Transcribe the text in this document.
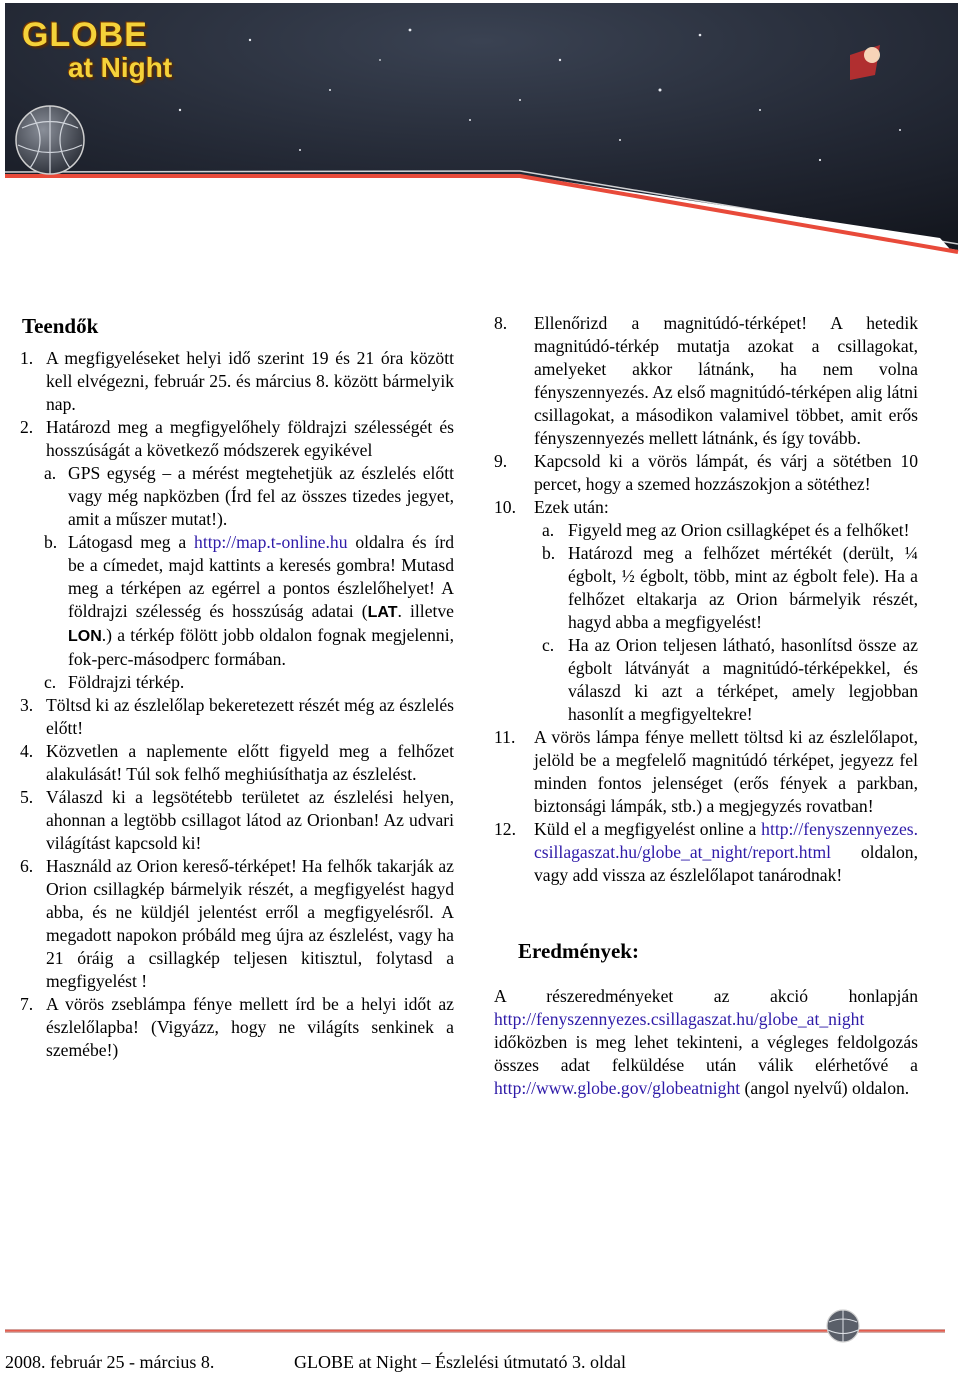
GLOBE
at Night
Teendők
1. A megfigyeléseket helyi idő szerint 19 és 21 óra között kell elvégezni, február 25. és március 8. között bármelyik nap.
2. Határozd meg a megfigyelőhely földrajzi szélességét és hosszúságát a következő módszerek egyikével
a. GPS egység – a mérést megtehetjük az észlelés előtt vagy még napközben (Írd fel az összes tizedes jegyet, amit a műszer mutat!).
b. Látogasd meg a http://map.t-online.hu oldalra és írd be a címedet, majd kattints a keresés gombra! Mutasd meg a térképen az egérrel a pontos észlelőhelyet! A földrajzi szélesség és hosszúság adatai (LAT. illetve LON.) a térkép fölött jobb oldalon fognak megjelenni, fok-perc-másodperc formában.
c. Földrajzi térkép.
3. Töltsd ki az észlelőlap bekeretezett részét még az észlelés előtt!
4. Közvetlen a naplemente előtt figyeld meg a felhőzet alakulását! Túl sok felhő meghiúsíthatja az észlelést.
5. Válaszd ki a legsötétebb területet az észlelési helyen, ahonnan a legtöbb csillagot látod az Orionban! Az udvari világítást kapcsold ki!
6. Használd az Orion kereső-térképet! Ha felhők takarják az Orion csillagkép bármelyik részét, a megfigyelést hagyd abba, és ne küldjél jelentést erről a megfigyelésről. A megadott napokon próbáld meg újra az észlelést, vagy ha 21 óráig a csillagkép teljesen kitisztul, folytasd a megfigyelést !
7. A vörös zseblámpa fénye mellett írd be a helyi időt az észlelőlapba! (Vigyázz, hogy ne világíts senkinek a szemébe!)
8.	Ellenőrizd a magnitúdó-térképet! A hetedik magnitúdó-térkép mutatja azokat a csillagokat, amelyeket akkor látnánk, ha nem volna fényszennyezés. Az első magnitúdó-térképen alig látni csillagokat, a másodikon valamivel többet, amit erős fényszennyezés mellett látnánk, és így tovább.
9.	Kapcsold ki a vörös lámpát, és várj a sötétben 10 percet, hogy a szemed hozzászokjon a sötéthez!
10.	Ezek után:
a. Figyeld meg az Orion csillagképet és a felhőket!
b. Határozd meg a felhőzet mértékét (derült, ¼ égbolt, ½ égbolt, több, mint az égbolt fele). Ha a felhőzet eltakarja az Orion bármelyik részét, hagyd abba a megfigyelést!
c. Ha az Orion teljesen látható, hasonlítsd össze az égbolt látványát a magnitúdó-térképekkel, és válaszd ki azt a térképet, amely legjobban hasonlít a megfigyeltekre!
11.	A vörös lámpa fénye mellett töltsd ki az észlelőlapot, jelöld be a megfelelő magnitúdó térképet, jegyezz fel minden fontos jelenséget (erős fények a parkban, biztonsági lámpák, stb.) a megjegyzés rovatban!
12.	Küld el a megfigyelést online a http://fenyszennyezes.csillagaszat.hu/globe_at_night/report.html oldalon, vagy add vissza az észlelőlapot tanárodnak!
Eredmények:
A részeredményeket az akció honlapján http://fenyszennyezes.csillagaszat.hu/globe_at_night időközben is meg lehet tekinteni, a végleges feldolgozás összes adat felküldése után válik elérhetővé a http://www.globe.gov/globeatnight (angol nyelvű) oldalon.
2008. február 25 - március 8.	GLOBE at Night – Észlelési útmutató 3. oldal
